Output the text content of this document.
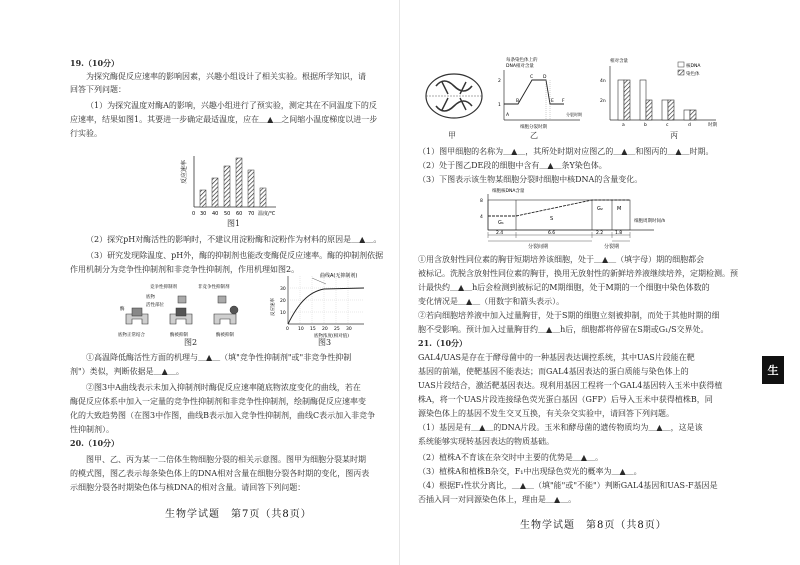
19.（10分）
为探究酶促反应速率的影响因素，兴趣小组设计了相关实验。根据所学知识，请
回答下列问题：
（1）为探究温度对酶A的影响，兴趣小组进行了预实验，测定其在不同温度下的反
应速率，结果如图1。其要进一步确定最适温度，应在＿▲＿之间缩小温度梯度以进一步
行实验。
反应速率
0 30 40 50 60 70 温度/℃
图1
（2）探究pH对酶活性的影响时，不建议用淀粉酶和淀粉作为材料的原因是＿▲＿。
（3）研究发现除温度、pH外，酶的抑制剂也能改变酶促反应速率。酶的抑制剂依据
作用机制分为竞争性抑制剂和非竞争性抑制剂，作用机理如图2。
竞争性抑制剂	非竞争性抑制剂
底物
活性部位
酶
底物正常结合	酶被抑制	酶被抑制
图2
曲线A(无抑制剂)
反应速率 10
20
30
0 10 15 20 25 30
底物浓度(相对值)
图3
①高温降低酶活性方面的机理与＿▲＿（填"竞争性抑制剂"或"非竞争性抑制
剂"）类似，判断依据是＿▲＿。
②图3中A曲线表示未加入抑制剂时酶促反应速率随底物浓度变化的曲线，若在
酶促反应体系中加入一定量的竞争性抑制剂和非竞争性抑制剂，绘制酶促反应速率变
化的大致趋势图（在图3中作图，曲线B表示加入竞争性抑制剂，曲线C表示加入非竞争
性抑制剂）。
20.（10分）
图甲、乙、丙为某一二倍体生物细胞分裂的相关示意图。图甲为细胞分裂某时期
的模式图，图乙表示每条染色体上的DNA相对含量在细胞分裂各时期的变化，图丙表
示细胞分裂各时期染色体与核DNA的相对含量。请回答下列问题：
生物学试题　第7页（共8页）
甲
每条染色体上的
DNA相对含量
1
2
A
B
C D
E F
分裂时期
细胞分裂时期
乙
相对含量
2n
4n
核DNA
染色体
a	b	c	d	时期
丙
（1）图甲细胞的名称为＿▲＿，其所处时期对应图乙的＿▲＿和图丙的＿▲＿时期。
（2）处于图乙DE段的细胞中含有＿▲＿条Y染色体。
（3）下图表示该生物某细胞分裂时细胞中核DNA的含量变化。
细胞核DNA含量
8
4
G₁
S
G₂	M
细胞周期时间/h
2.4	6.6	2.2	1.8
分裂间期	分裂期
①用含放射性同位素的胸苷短期培养该细胞，处于＿▲＿（填字母）期的细胞都会
被标记。洗脱含放射性同位素的胸苷，换用无放射性的新鲜培养液继续培养，定期检测。预
计最快约＿▲＿h后会检测到被标记的M期细胞，处于M期的一个细胞中染色体数的
变化情况是＿▲＿（用数字和箭头表示）。
②若向细胞培养液中加入过量胸苷，处于S期的细胞立刻被抑制，而处于其他时期的细
胞不受影响。预计加入过量胸苷约＿▲＿h后，细胞都将停留在S期或G₁/S交界处。
21.（10分）
GAL4/UAS是存在于酵母菌中的一种基因表达调控系统，其中UAS片段能在靶
基因的前端，使靶基因不能表达；而GAL4基因表达的蛋白质能与染色体上的
UAS片段结合，激活靶基因表达。现利用基因工程将一个GAL4基因转入玉米中获得植
株A，将一个UAS片段连接绿色荧光蛋白基因（GFP）后导入玉米中获得植株B，同
源染色体上的基因不发生交叉互换，有关杂交实验中，请回答下列问题。
（1）基因是有＿▲＿的DNA片段。玉米和酵母菌的遗传物质均为＿▲＿，这是该
系统能够实现转基因表达的物质基础。
（2）植株A不育该在杂交时中主要的优势是＿▲＿。
（3）植株A和植株B杂交，F₁中出现绿色荧光的概率为＿▲＿。
（4）根据F₁性状分离比，＿▲＿（填"能"或"不能"）判断GAL4基因和UAS-F基因是
否插入同一对同源染色体上，理由是＿▲＿。
生物学试题　第8页（共8页）
生
